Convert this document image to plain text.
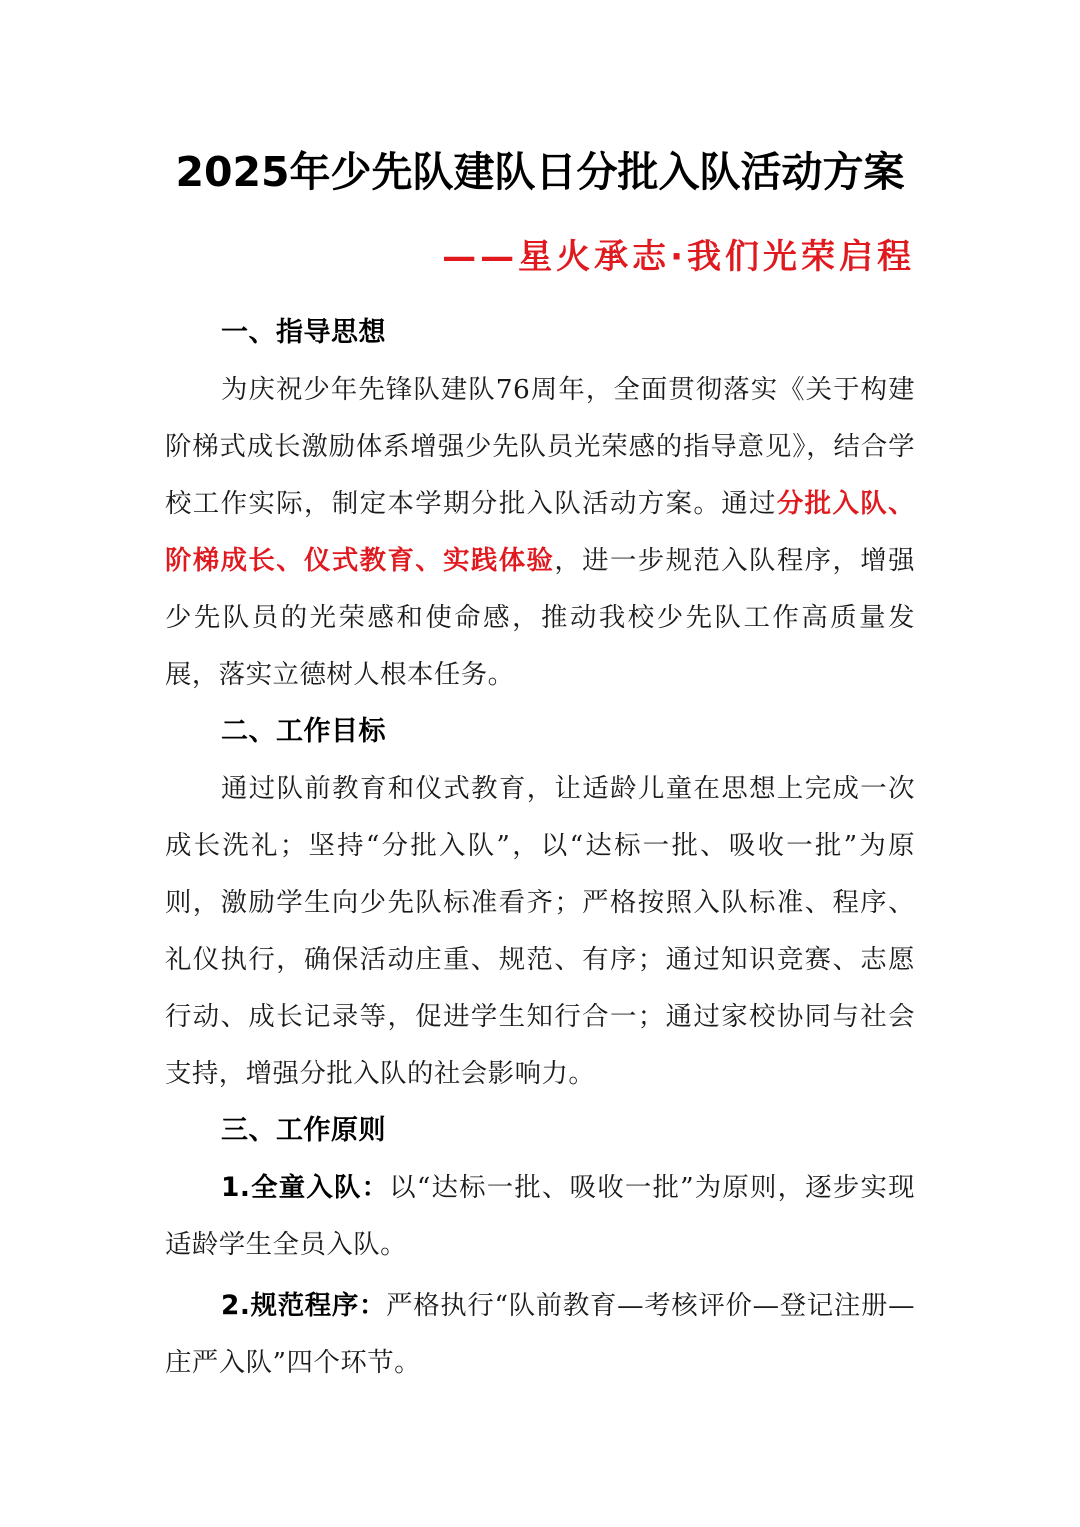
2025年少先队建队日分批入队活动方案
——星火承志·我们光荣启程
一、指导思想

为庆祝少年先锋队建队76周年，全面贯彻落实《关于构建阶梯式成长激励体系增强少先队员光荣感的指导意见》，结合学校工作实际，制定本学期分批入队活动方案。通过分批入队、阶梯成长、仪式教育、实践体验，进一步规范入队程序，增强少先队员的光荣感和使命感，推动我校少先队工作高质量发展，落实立德树人根本任务。

二、工作目标

通过队前教育和仪式教育，让适龄儿童在思想上完成一次成长洗礼；坚持“分批入队”，以“达标一批、吸收一批”为原则，激励学生向少先队标准看齐；严格按照入队标准、程序、礼仪执行，确保活动庄重、规范、有序；通过知识竞赛、志愿行动、成长记录等，促进学生知行合一；通过家校协同与社会支持，增强分批入队的社会影响力。

三、工作原则

1.全童入队：以“达标一批、吸收一批”为原则，逐步实现适龄学生全员入队。

2.规范程序：严格执行“队前教育—考核评价—登记注册—庄严入队”四个环节。
